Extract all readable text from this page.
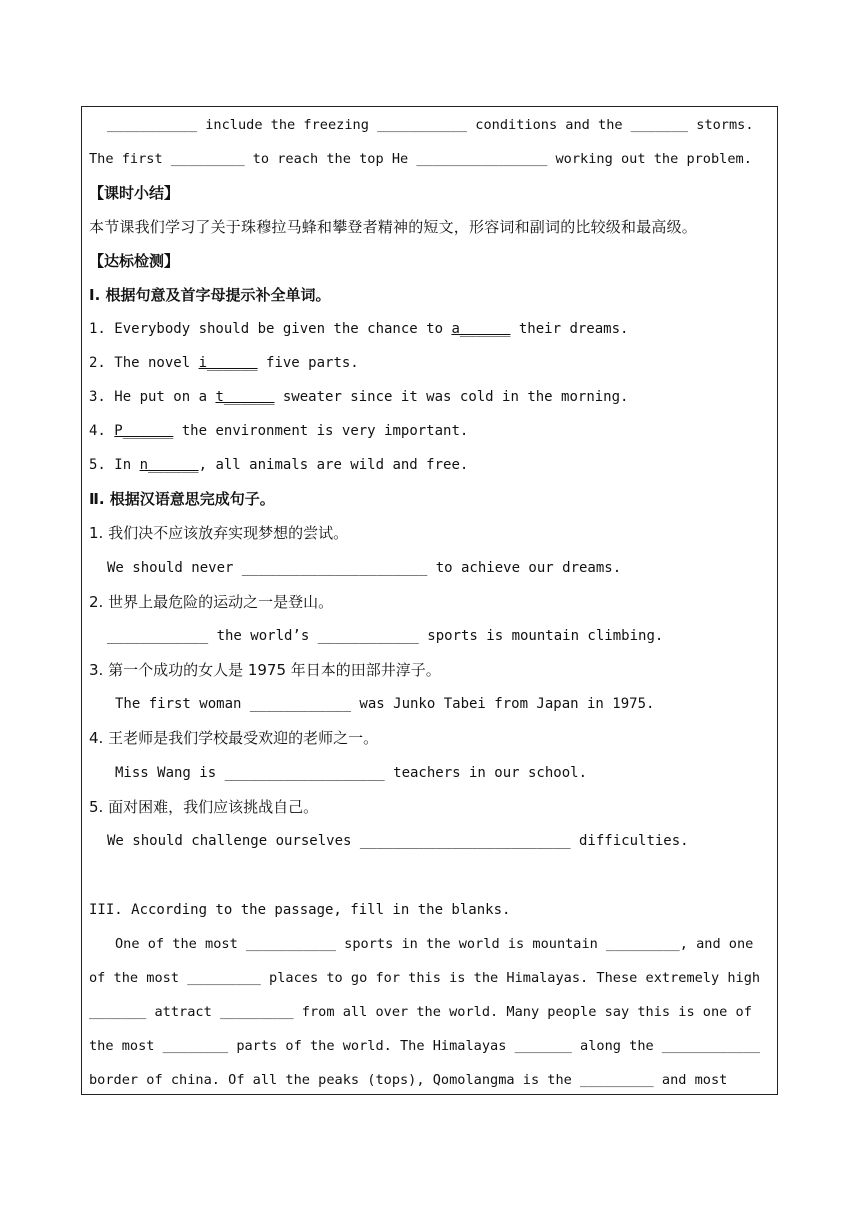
___________ include the freezing ___________ conditions and the _______ storms.
The first _________ to reach the top He ________________ working out the problem.
【课时小结】
本节课我们学习了关于珠穆拉马蜂和攀登者精神的短文，形容词和副词的比较级和最高级。
【达标检测】
Ⅰ. 根据句意及首字母提示补全单词。
1. Everybody should be given the chance to a______ their dreams.
2. The novel i______ five parts.
3. He put on a t______ sweater since it was cold in the morning.
4. P______ the environment is very important.
5. In n______, all animals are wild and free.
Ⅱ. 根据汉语意思完成句子。
1. 我们决不应该放弃实现梦想的尝试。
We should never ______________________ to achieve our dreams.
2. 世界上最危险的运动之一是登山。
____________ the world’s ____________ sports is mountain climbing.
3. 第一个成功的女人是 1975 年日本的田部井淳子。
The first woman ____________ was Junko Tabei from Japan in 1975.
4. 王老师是我们学校最受欢迎的老师之一。
Miss Wang is ___________________ teachers in our school.
5. 面对困难，我们应该挑战自己。
We should challenge ourselves _________________________ difficulties.
III. According to the passage, fill in the blanks.
One of the most ___________ sports in the world is mountain _________, and one
of the most _________ places to go for this is the Himalayas. These extremely high
_______ attract _________ from all over the world. Many people say this is one of
the most ________ parts of the world. The Himalayas _______ along the ____________
border of china. Of all the peaks (tops), Qomolangma is the _________ and most
